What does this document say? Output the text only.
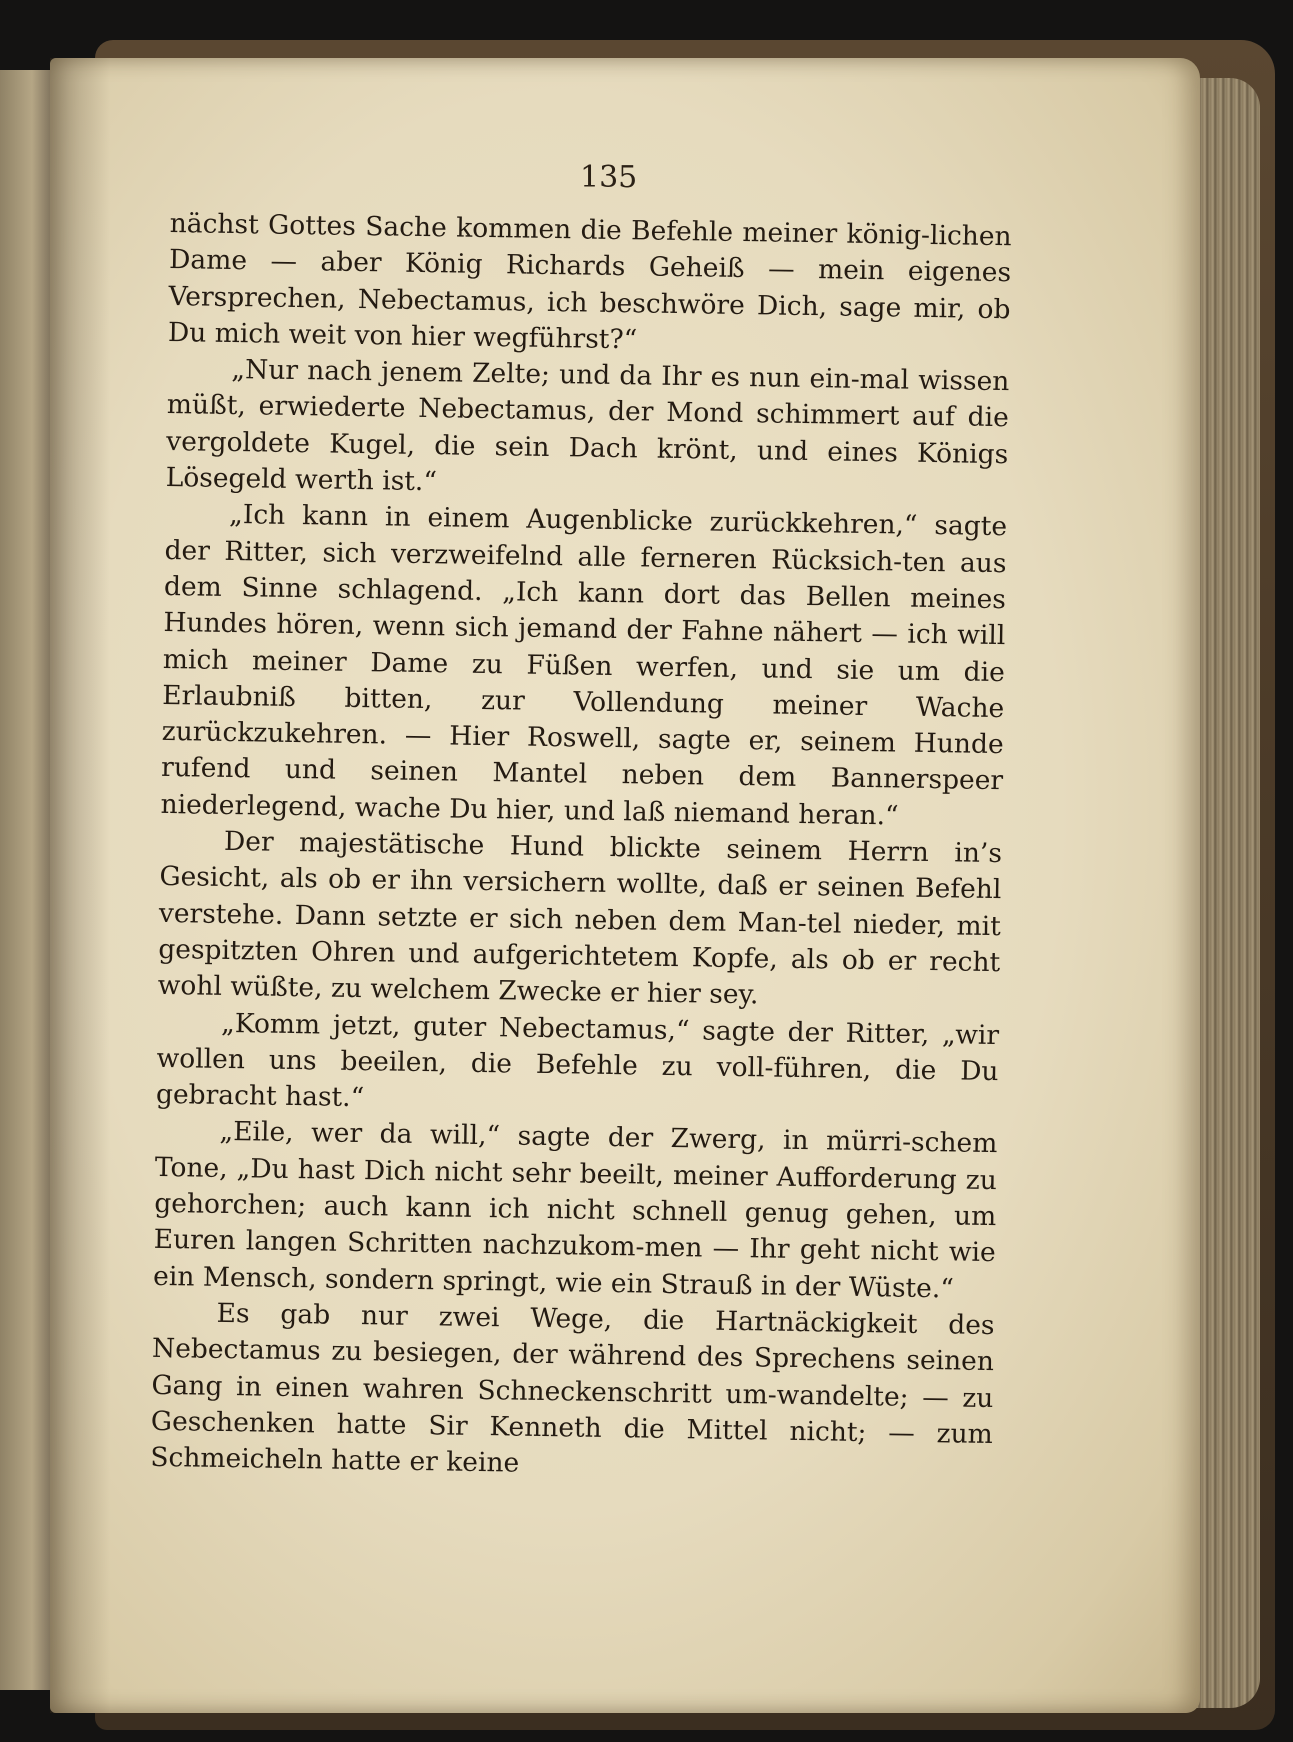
135

nächst Gottes Sache kommen die Befehle meiner könig-lichen Dame — aber König Richards Geheiß — mein eigenes Versprechen, Nebectamus, ich beschwöre Dich, sage mir, ob Du mich weit von hier wegführst?“

„Nur nach jenem Zelte; und da Ihr es nun ein-mal wissen müßt, erwiederte Nebectamus, der Mond schimmert auf die vergoldete Kugel, die sein Dach krönt, und eines Königs Lösegeld werth ist.“

„Ich kann in einem Augenblicke zurückkehren,“ sagte der Ritter, sich verzweifelnd alle ferneren Rücksich-ten aus dem Sinne schlagend. „Ich kann dort das Bellen meines Hundes hören, wenn sich jemand der Fahne nähert — ich will mich meiner Dame zu Füßen werfen, und sie um die Erlaubniß bitten, zur Vollendung meiner Wache zurückzukehren. — Hier Roswell, sagte er, seinem Hunde rufend und seinen Mantel neben dem Bannerspeer niederlegend, wache Du hier, und laß niemand heran.“

Der majestätische Hund blickte seinem Herrn in’s Gesicht, als ob er ihn versichern wollte, daß er seinen Befehl verstehe. Dann setzte er sich neben dem Man-tel nieder, mit gespitzten Ohren und aufgerichtetem Kopfe, als ob er recht wohl wüßte, zu welchem Zwecke er hier sey.

„Komm jetzt, guter Nebectamus,“ sagte der Ritter, „wir wollen uns beeilen, die Befehle zu voll-führen, die Du gebracht hast.“

„Eile, wer da will,“ sagte der Zwerg, in mürri-schem Tone, „Du hast Dich nicht sehr beeilt, meiner Aufforderung zu gehorchen; auch kann ich nicht schnell genug gehen, um Euren langen Schritten nachzukom-men — Ihr geht nicht wie ein Mensch, sondern springt, wie ein Strauß in der Wüste.“

Es gab nur zwei Wege, die Hartnäckigkeit des Nebectamus zu besiegen, der während des Sprechens seinen Gang in einen wahren Schneckenschritt um-wandelte; — zu Geschenken hatte Sir Kenneth die Mittel nicht; — zum Schmeicheln hatte er keine
